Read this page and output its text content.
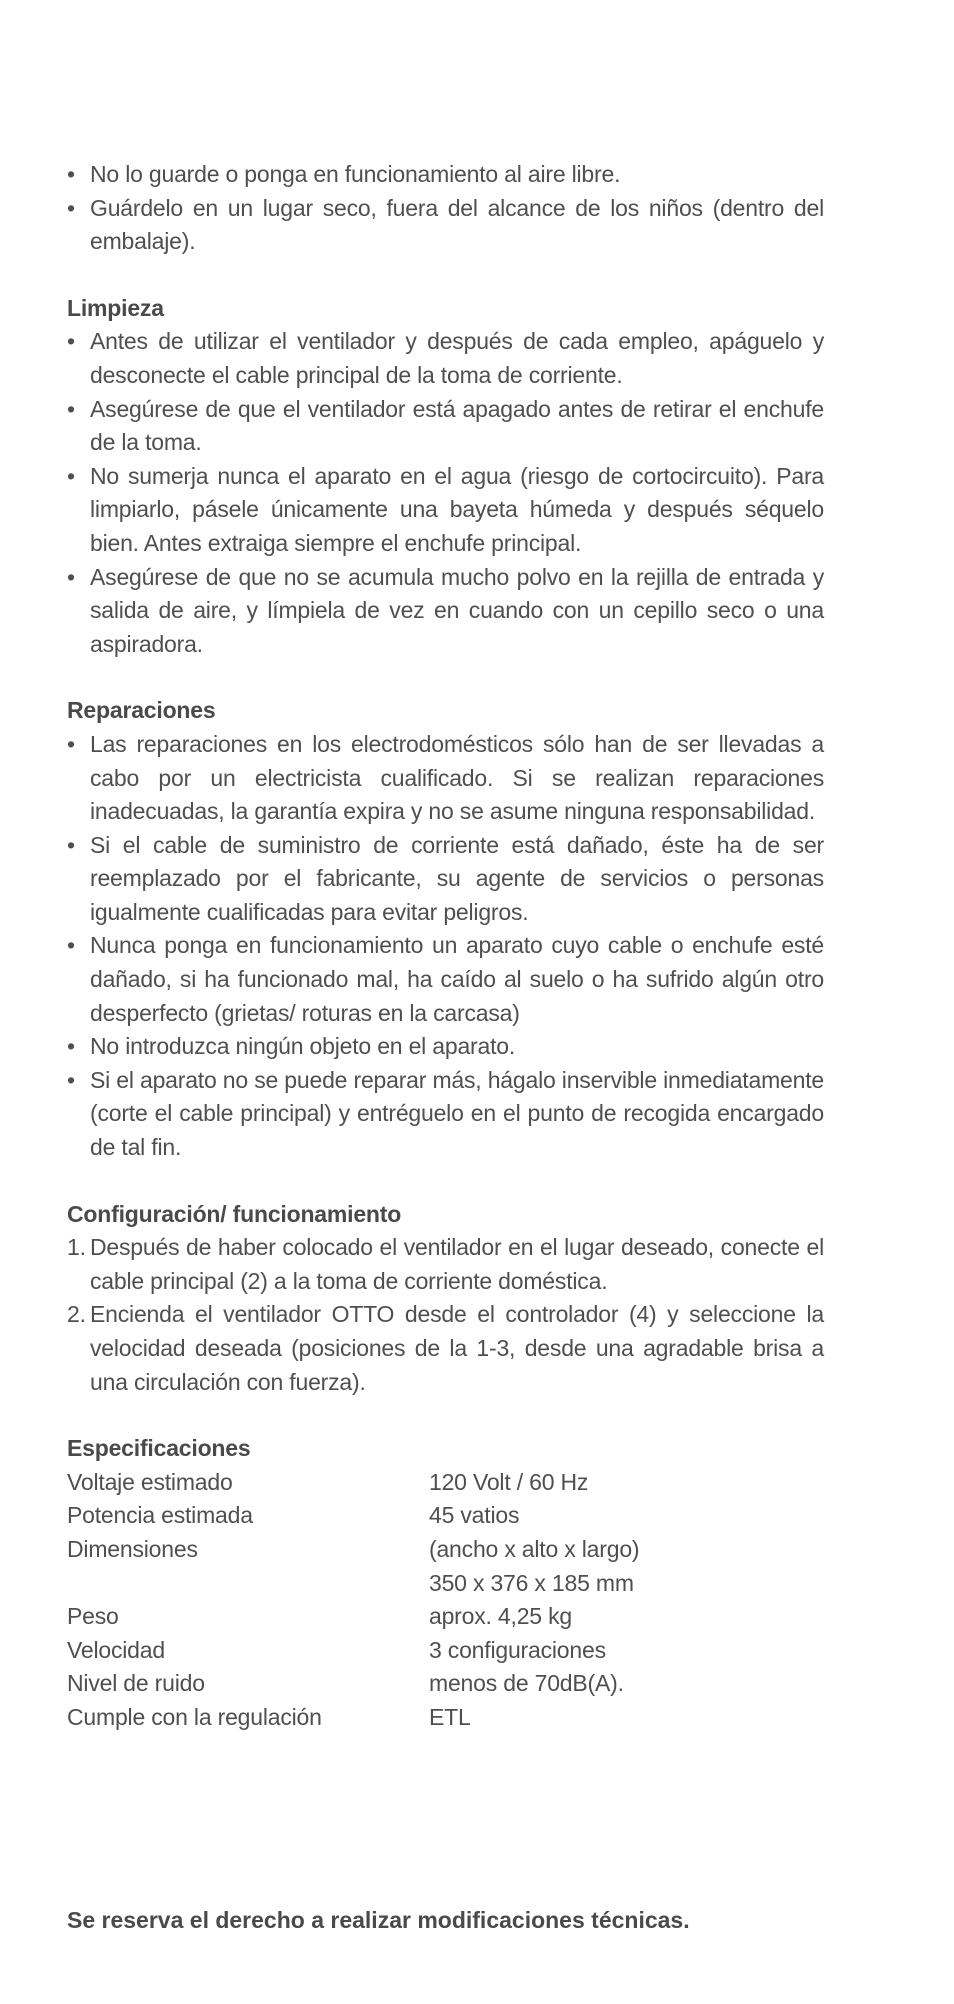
• No lo guarde o ponga en funcionamiento al aire libre.
• Guárdelo en un lugar seco, fuera del alcance de los niños (dentro del embalaje).
Limpieza
• Antes de utilizar el ventilador y después de cada empleo, apáguelo y desconecte el cable principal de la toma de corriente.
• Asegúrese de que el ventilador está apagado antes de retirar el enchufe de la toma.
• No sumerja nunca el aparato en el agua (riesgo de cortocircuito). Para limpiarlo, pásele únicamente una bayeta húmeda y después séquelo bien. Antes extraiga siempre el enchufe principal.
• Asegúrese de que no se acumula mucho polvo en la rejilla de entrada y salida de aire, y límpiela de vez en cuando con un cepillo seco o una aspiradora.
Reparaciones
• Las reparaciones en los electrodomésticos sólo han de ser llevadas a cabo por un electricista cualificado. Si se realizan reparaciones inadecuadas, la garantía expira y no se asume ninguna responsabilidad.
• Si el cable de suministro de corriente está dañado, éste ha de ser reemplazado por el fabricante, su agente de servicios o personas igualmente cualificadas para evitar peligros.
• Nunca ponga en funcionamiento un aparato cuyo cable o enchufe esté dañado, si ha funcionado mal, ha caído al suelo o ha sufrido algún otro desperfecto (grietas/ roturas en la carcasa)
• No introduzca ningún objeto en el aparato.
• Si el aparato no se puede reparar más, hágalo inservible inmediatamente (corte el cable principal) y entréguelo en el punto de recogida encargado de tal fin.
Configuración/ funcionamiento
1. Después de haber colocado el ventilador en el lugar deseado, conecte el cable principal (2) a la toma de corriente doméstica.
2. Encienda el ventilador OTTO desde el controlador (4) y seleccione la velocidad deseada (posiciones de la 1-3, desde una agradable brisa a una circulación con fuerza).
Especificaciones
Voltaje estimado	120 Volt / 60 Hz
Potencia estimada	45 vatios
Dimensiones	(ancho x alto x largo)
	350 x 376 x 185 mm
Peso	aprox. 4,25 kg
Velocidad	3 configuraciones
Nivel de ruido	menos de 70dB(A).
Cumple con la regulación	ETL
Se reserva el derecho a realizar modificaciones técnicas.
